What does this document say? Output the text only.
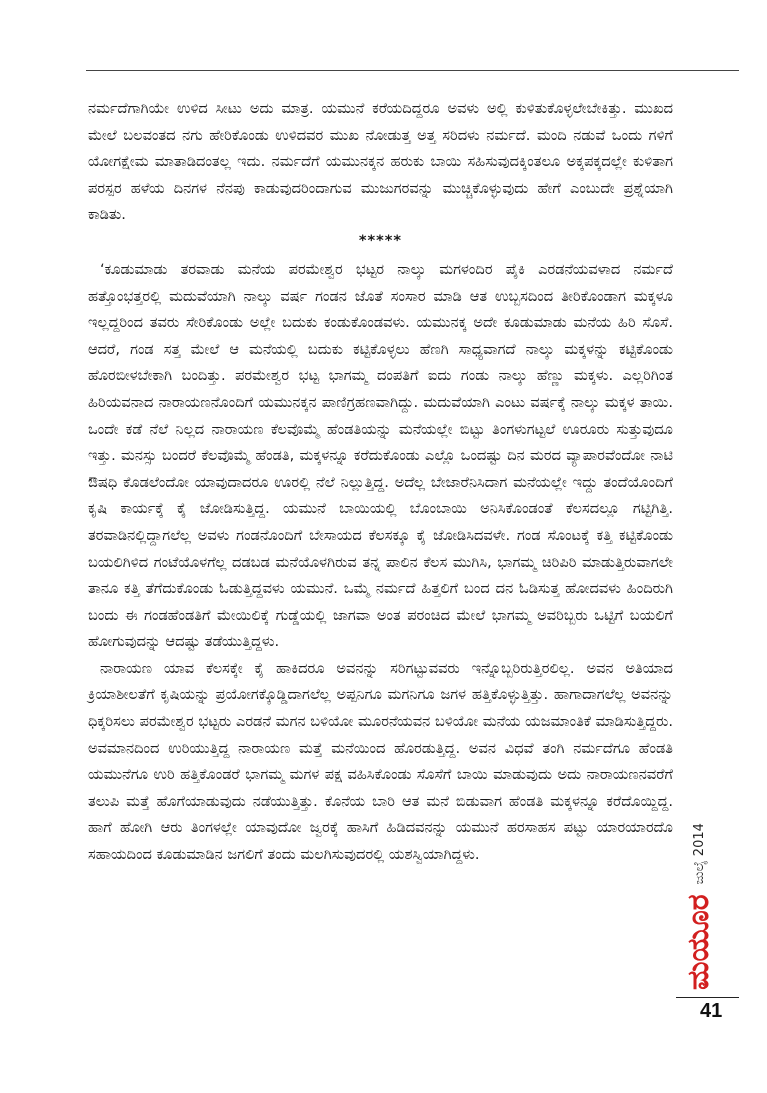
ನರ್ಮದೆಗಾಗಿಯೇ ಉಳಿದ ಸೀಟು ಅದು ಮಾತ್ರ. ಯಮುನೆ ಕರೆಯದಿದ್ದರೂ ಅವಳು ಅಲ್ಲಿ ಕುಳಿತುಕೊಳ್ಳಲೇಬೇಕಿತ್ತು. ಮುಖದ ಮೇಲೆ ಬಲವಂತದ ನಗು ಹೇರಿಕೊಂಡು ಉಳಿದವರ ಮುಖ ನೋಡುತ್ತ ಅತ್ತ ಸರಿದಳು ನರ್ಮದೆ. ಮಂದಿ ನಡುವೆ ಒಂದು ಗಳಿಗೆ ಯೋಗಕ್ಷೇಮ ಮಾತಾಡಿದಂತಲ್ಲ ಇದು. ನರ್ಮದೆಗೆ ಯಮುನಕ್ಕನ ಹರುಕು ಬಾಯಿ ಸಹಿಸುವುದಕ್ಕಿಂತಲೂ ಅಕ್ಕಪಕ್ಕದಲ್ಲೇ ಕುಳಿತಾಗ ಪರಸ್ಪರ ಹಳೆಯ ದಿನಗಳ ನೆನಪು ಕಾಡುವುದರಿಂದಾಗುವ ಮುಜುಗರವನ್ನು ಮುಚ್ಚಿಕೊಳ್ಳುವುದು ಹೇಗೆ ಎಂಬುದೇ ಪ್ರಶ್ನೆಯಾಗಿ ಕಾಡಿತು.

*****

‘ಕೂಡುಮಾಡು ತರವಾಡು ಮನೆಯ ಪರಮೇಶ್ವರ ಭಟ್ಟರ ನಾಲ್ಕು ಮಗಳಂದಿರ ಪೈಕಿ ಎರಡನೆಯವಳಾದ ನರ್ಮದೆ ಹತ್ತೊಂಭತ್ತರಲ್ಲಿ ಮದುವೆಯಾಗಿ ನಾಲ್ಕು ವರ್ಷ ಗಂಡನ ಜೊತೆ ಸಂಸಾರ ಮಾಡಿ ಆತ ಉಬ್ಬಸದಿಂದ ತೀರಿಕೊಂಡಾಗ ಮಕ್ಕಳೂ ಇಲ್ಲದ್ದರಿಂದ ತವರು ಸೇರಿಕೊಂಡು ಅಲ್ಲೇ ಬದುಕು ಕಂಡುಕೊಂಡವಳು. ಯಮುನಕ್ಕ ಅದೇ ಕೂಡುಮಾಡು ಮನೆಯ ಹಿರಿ ಸೊಸೆ. ಆದರೆ, ಗಂಡ ಸತ್ತ ಮೇಲೆ ಆ ಮನೆಯಲ್ಲಿ ಬದುಕು ಕಟ್ಟಿಕೊಳ್ಳಲು ಹೆಣಗಿ ಸಾಧ್ಯವಾಗದೆ ನಾಲ್ಕು ಮಕ್ಕಳನ್ನು ಕಟ್ಟಿಕೊಂಡು ಹೊರಬೀಳಬೇಕಾಗಿ ಬಂದಿತ್ತು. ಪರಮೇಶ್ವರ ಭಟ್ಟ ಭಾಗಮ್ಮ ದಂಪತಿಗೆ ಐದು ಗಂಡು ನಾಲ್ಕು ಹೆಣ್ಣು ಮಕ್ಕಳು. ಎಲ್ಲರಿಗಿಂತ ಹಿರಿಯವನಾದ ನಾರಾಯಣನೊಂದಿಗೆ ಯಮುನಕ್ಕನ ಪಾಣಿಗ್ರಹಣವಾಗಿದ್ದು. ಮದುವೆಯಾಗಿ ಎಂಟು ವರ್ಷಕ್ಕೆ ನಾಲ್ಕು ಮಕ್ಕಳ ತಾಯಿ. ಒಂದೇ ಕಡೆ ನೆಲೆ ನಿಲ್ಲದ ನಾರಾಯಣ ಕೆಲವೊಮ್ಮೆ ಹೆಂಡತಿಯನ್ನು ಮನೆಯಲ್ಲೇ ಬಿಟ್ಟು ತಿಂಗಳುಗಟ್ಟಲೆ ಊರೂರು ಸುತ್ತುವುದೂ ಇತ್ತು. ಮನಸ್ಸು ಬಂದರೆ ಕೆಲವೊಮ್ಮೆ ಹೆಂಡತಿ, ಮಕ್ಕಳನ್ನೂ ಕರೆದುಕೊಂಡು ಎಲ್ಲೊ ಒಂದಷ್ಟು ದಿನ ಮರದ ವ್ಯಾಪಾರವೆಂದೋ ನಾಟಿ ಔಷಧಿ ಕೊಡಲೆಂದೋ ಯಾವುದಾದರೂ ಊರಲ್ಲಿ ನೆಲೆ ನಿಲ್ಲುತ್ತಿದ್ದ. ಅದೆಲ್ಲ ಬೇಜಾರೆನಿಸಿದಾಗ ಮನೆಯಲ್ಲೇ ಇದ್ದು ತಂದೆಯೊಂದಿಗೆ ಕೃಷಿ ಕಾರ್ಯಕ್ಕೆ ಕೈ ಜೋಡಿಸುತ್ತಿದ್ದ. ಯಮುನೆ ಬಾಯಿಯಲ್ಲಿ ಬೊಂಬಾಯಿ ಅನಿಸಿಕೊಂಡಂತೆ ಕೆಲಸದಲ್ಲೂ ಗಟ್ಟಿಗಿತ್ತಿ. ತರವಾಡಿನಲ್ಲಿದ್ದಾಗಲೆಲ್ಲ ಅವಳು ಗಂಡನೊಂದಿಗೆ ಬೇಸಾಯದ ಕೆಲಸಕ್ಕೂ ಕೈ ಜೋಡಿಸಿದವಳೇ. ಗಂಡ ಸೊಂಟಕ್ಕೆ ಕತ್ತಿ ಕಟ್ಟಿಕೊಂಡು ಬಯಲಿಗಿಳಿದ ಗಂಟೆಯೊಳಗೆಲ್ಲ ದಡಬಡ ಮನೆಯೊಳಗಿರುವ ತನ್ನ ಪಾಲಿನ ಕೆಲಸ ಮುಗಿಸಿ, ಭಾಗಮ್ಮ ಚಿರಿಪಿರಿ ಮಾಡುತ್ತಿರುವಾಗಲೇ ತಾನೂ ಕತ್ತಿ ತೆಗೆದುಕೊಂಡು ಓಡುತ್ತಿದ್ದವಳು ಯಮುನೆ. ಒಮ್ಮೆ ನರ್ಮದೆ ಹಿತ್ತಲಿಗೆ ಬಂದ ದನ ಓಡಿಸುತ್ತ ಹೋದವಳು ಹಿಂದಿರುಗಿ ಬಂದು ಈ ಗಂಡಹೆಂಡತಿಗೆ ಮೇಯಿಲಿಕ್ಕೆ ಗುಡ್ಡೆಯಲ್ಲಿ ಜಾಗವಾ ಅಂತ ಪರಂಚಿದ ಮೇಲೆ ಭಾಗಮ್ಮ ಅವರಿಬ್ಬರು ಒಟ್ಟಿಗೆ ಬಯಲಿಗೆ ಹೋಗುವುದನ್ನು ಆದಷ್ಟು ತಡೆಯುತ್ತಿದ್ದಳು.

ನಾರಾಯಣ ಯಾವ ಕೆಲಸಕ್ಕೇ ಕೈ ಹಾಕಿದರೂ ಅವನನ್ನು ಸರಿಗಟ್ಟುವವರು ಇನ್ನೊಬ್ಬರಿರುತ್ತಿರಲಿಲ್ಲ. ಅವನ ಅತಿಯಾದ ಕ್ರಿಯಾಶೀಲತೆಗೆ ಕೃಷಿಯನ್ನು ಪ್ರಯೋಗಕ್ಕೊಡ್ಡಿದಾಗಲೆಲ್ಲ ಅಪ್ಪನಿಗೂ ಮಗನಿಗೂ ಜಗಳ ಹತ್ತಿಕೊಳ್ಳುತ್ತಿತ್ತು. ಹಾಗಾದಾಗಲೆಲ್ಲ ಅವನನ್ನು ಧಿಕ್ಕರಿಸಲು ಪರಮೇಶ್ವರ ಭಟ್ಟರು ಎರಡನೆ ಮಗನ ಬಳಿಯೋ ಮೂರನೆಯವನ ಬಳಿಯೋ ಮನೆಯ ಯಜಮಾಂತಿಕೆ ಮಾಡಿಸುತ್ತಿದ್ದರು. ಅವಮಾನದಿಂದ ಉರಿಯುತ್ತಿದ್ದ ನಾರಾಯಣ ಮತ್ತೆ ಮನೆಯಿಂದ ಹೊರಡುತ್ತಿದ್ದ. ಅವನ ವಿಧವೆ ತಂಗಿ ನರ್ಮದೆಗೂ ಹೆಂಡತಿ ಯಮುನೆಗೂ ಉರಿ ಹತ್ತಿಕೊಂಡರೆ ಭಾಗಮ್ಮ ಮಗಳ ಪಕ್ಷ ವಹಿಸಿಕೊಂಡು ಸೊಸೆಗೆ ಬಾಯಿ ಮಾಡುವುದು ಅದು ನಾರಾಯಣನವರೆಗೆ ತಲುಪಿ ಮತ್ತೆ ಹೊಗೆಯಾಡುವುದು ನಡೆಯುತ್ತಿತ್ತು. ಕೊನೆಯ ಬಾರಿ ಆತ ಮನೆ ಬಿಡುವಾಗ ಹೆಂಡತಿ ಮಕ್ಕಳನ್ನೂ ಕರೆದೊಯ್ದಿದ್ದ. ಹಾಗೆ ಹೋಗಿ ಆರು ತಿಂಗಳಲ್ಲೇ ಯಾವುದೋ ಜ್ವರಕ್ಕೆ ಹಾಸಿಗೆ ಹಿಡಿದವನನ್ನು ಯಮುನೆ ಹರಸಾಹಸ ಪಟ್ಟು ಯಾರಯಾರದೊ ಸಹಾಯದಿಂದ ಕೂಡುಮಾಡಿನ ಜಗಲಿಗೆ ತಂದು ಮಲಗಿಸುವುದರಲ್ಲಿ ಯಶಸ್ವಿಯಾಗಿದ್ದಳು.

ಮಯೂರ
ಜುಲೈ 2014
41
